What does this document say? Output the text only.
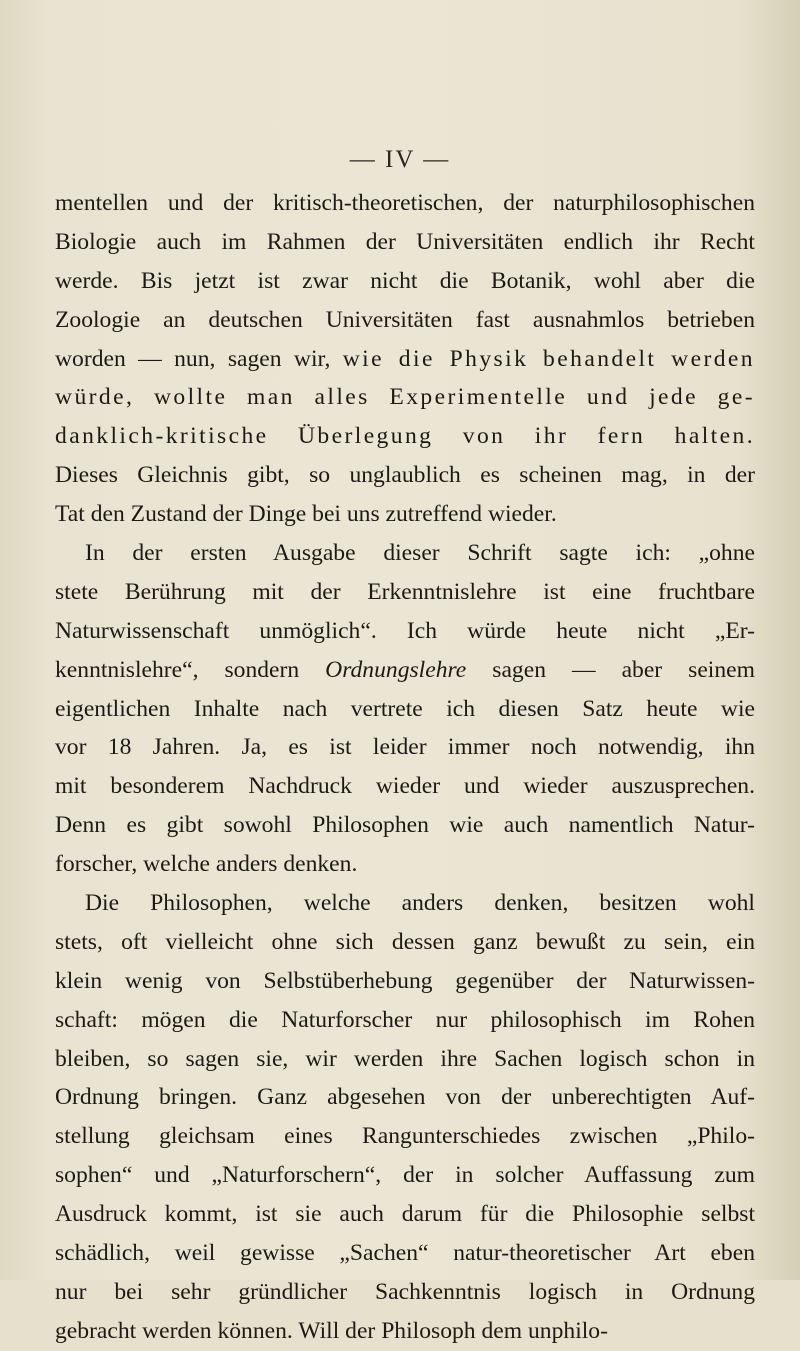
— IV —
mentellen und der kritisch-theoretischen, der naturphilosophischen
Biologie auch im Rahmen der Universitäten endlich ihr Recht
werde. Bis jetzt ist zwar nicht die Botanik, wohl aber die
Zoologie an deutschen Universitäten fast ausnahmlos betrieben
worden — nun, sagen wir, wie die Physik behandelt werden
würde, wollte man alles Experimentelle und jede ge-
danklich-kritische Überlegung von ihr fern halten.
Dieses Gleichnis gibt, so unglaublich es scheinen mag, in der
Tat den Zustand der Dinge bei uns zutreffend wieder.
In der ersten Ausgabe dieser Schrift sagte ich: „ohne
stete Berührung mit der Erkenntnislehre ist eine fruchtbare
Naturwissenschaft unmöglich“. Ich würde heute nicht „Er-
kenntnislehre“, sondern Ordnungslehre sagen — aber seinem
eigentlichen Inhalte nach vertrete ich diesen Satz heute wie
vor 18 Jahren. Ja, es ist leider immer noch notwendig, ihn
mit besonderem Nachdruck wieder und wieder auszusprechen.
Denn es gibt sowohl Philosophen wie auch namentlich Natur-
forscher, welche anders denken.
Die Philosophen, welche anders denken, besitzen wohl
stets, oft vielleicht ohne sich dessen ganz bewußt zu sein, ein
klein wenig von Selbstüberhebung gegenüber der Naturwissen-
schaft: mögen die Naturforscher nur philosophisch im Rohen
bleiben, so sagen sie, wir werden ihre Sachen logisch schon in
Ordnung bringen. Ganz abgesehen von der unberechtigten Auf-
stellung gleichsam eines Rangunterschiedes zwischen „Philo-
sophen“ und „Naturforschern“, der in solcher Auffassung zum
Ausdruck kommt, ist sie auch darum für die Philosophie selbst
schädlich, weil gewisse „Sachen“ natur-theoretischer Art eben
nur bei sehr gründlicher Sachkenntnis logisch in Ordnung
gebracht werden können. Will der Philosoph dem unphilo-
